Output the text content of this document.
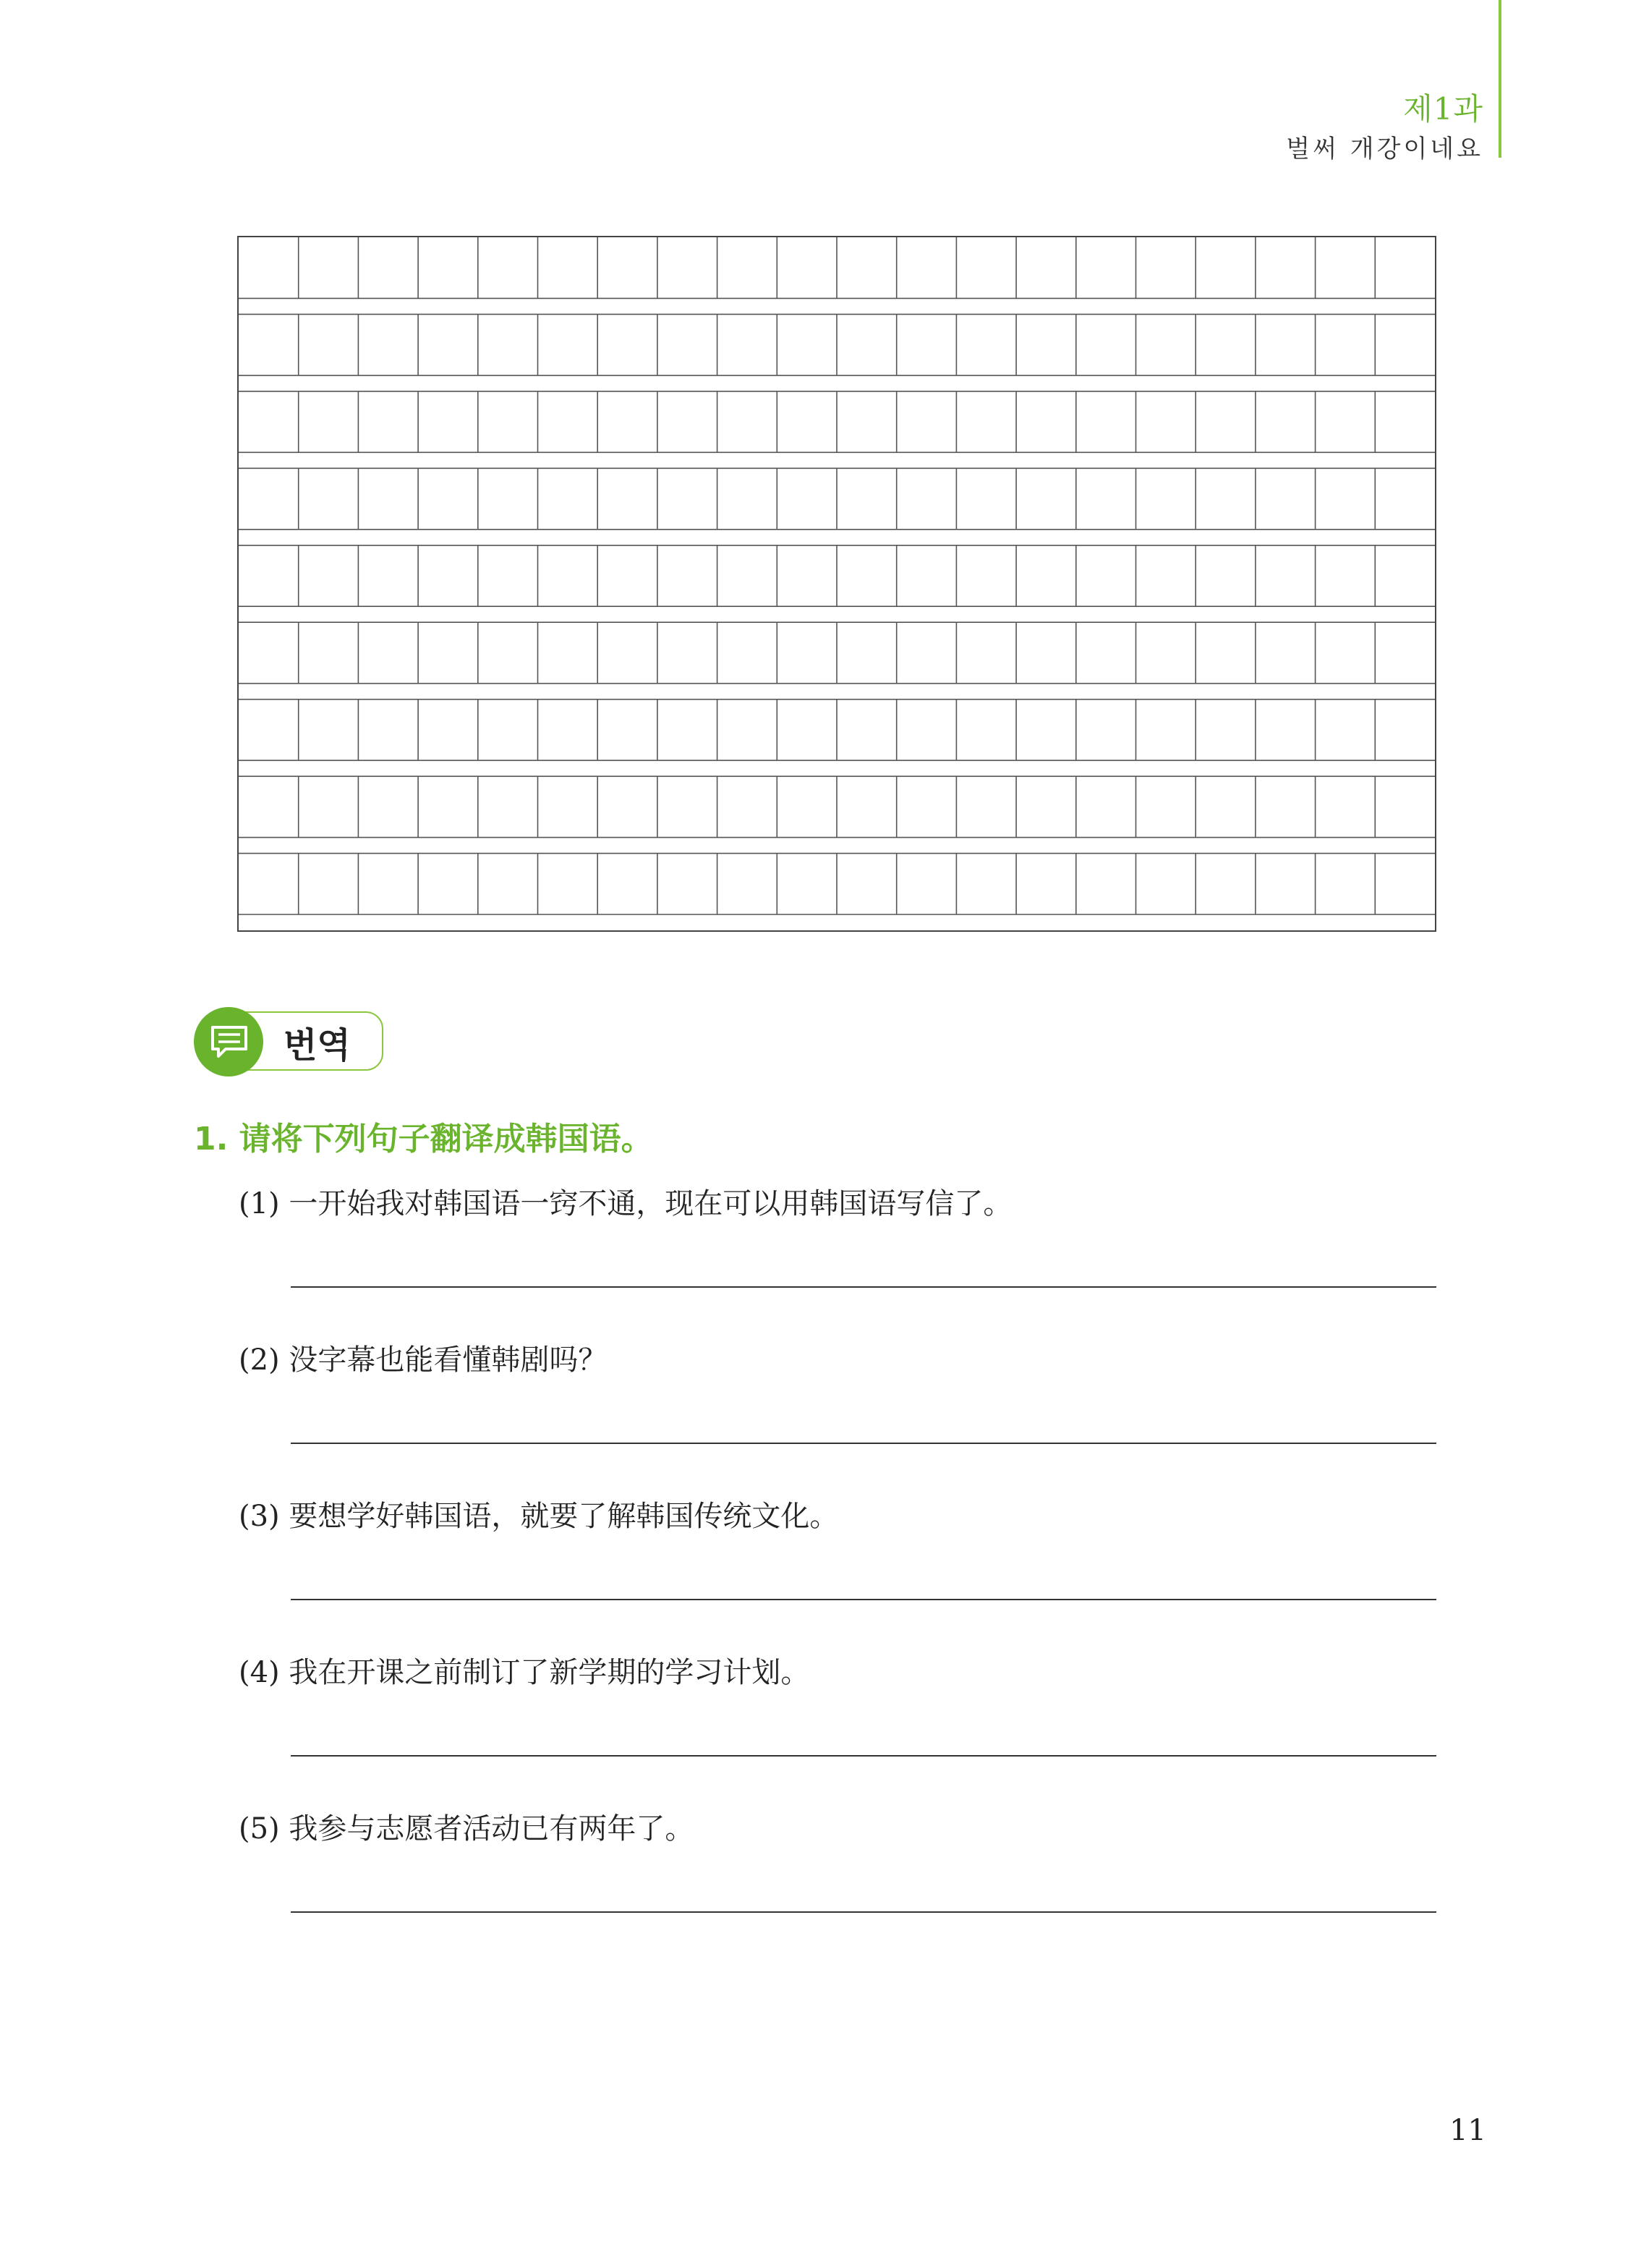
제1과
벌써 개강이네요
번역
1. 请将下列句子翻译成韩国语。
(1) 一开始我对韩国语一窍不通，现在可以用韩国语写信了。
(2) 没字幕也能看懂韩剧吗？
(3) 要想学好韩国语，就要了解韩国传统文化。
(4) 我在开课之前制订了新学期的学习计划。
(5) 我参与志愿者活动已有两年了。
11
